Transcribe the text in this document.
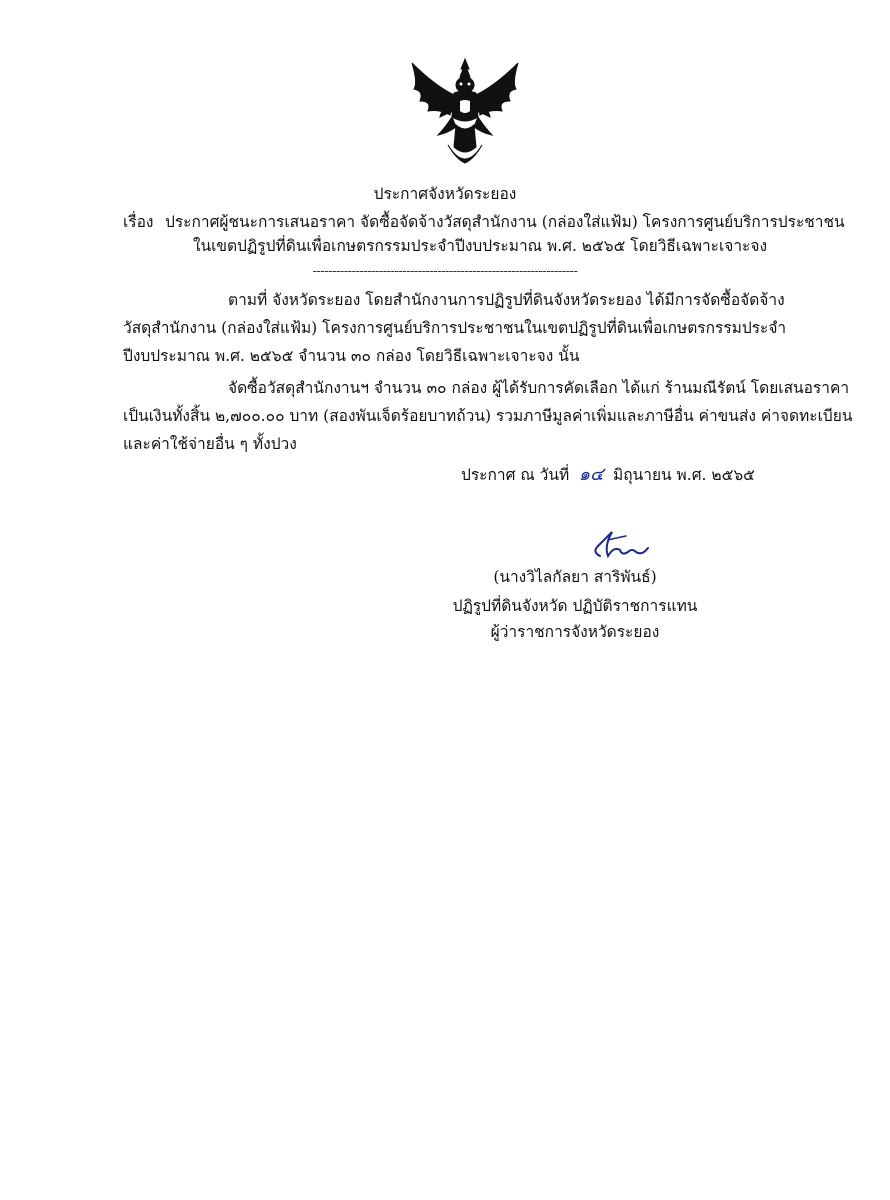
ประกาศจังหวัดระยอง
เรื่อง ประกาศผู้ชนะการเสนอราคา จัดซื้อจัดจ้างวัสดุสำนักงาน (กล่องใส่แฟ้ม) โครงการศูนย์บริการประชาชน
ในเขตปฏิรูปที่ดินเพื่อเกษตรกรรมประจำปีงบประมาณ พ.ศ. ๒๕๖๕ โดยวิธีเฉพาะเจาะจง
--------------------------------------------------------------------
ตามที่ จังหวัดระยอง โดยสำนักงานการปฏิรูปที่ดินจังหวัดระยอง ได้มีการจัดซื้อจัดจ้าง
วัสดุสำนักงาน (กล่องใส่แฟ้ม) โครงการศูนย์บริการประชาชนในเขตปฏิรูปที่ดินเพื่อเกษตรกรรมประจำ
ปีงบประมาณ พ.ศ. ๒๕๖๕ จำนวน ๓๐ กล่อง โดยวิธีเฉพาะเจาะจง นั้น
จัดซื้อวัสดุสำนักงานฯ จำนวน ๓๐ กล่อง ผู้ได้รับการคัดเลือก ได้แก่ ร้านมณีรัตน์ โดยเสนอราคา
เป็นเงินทั้งสิ้น ๒,๗๐๐.๐๐ บาท (สองพันเจ็ดร้อยบาทถ้วน) รวมภาษีมูลค่าเพิ่มและภาษีอื่น ค่าขนส่ง ค่าจดทะเบียน
และค่าใช้จ่ายอื่น ๆ ทั้งปวง
ประกาศ ณ วันที่ ๑๔ มิถุนายน พ.ศ. ๒๕๖๕
(นางวิไลกัลยา สาริพันธ์)
ปฏิรูปที่ดินจังหวัด ปฏิบัติราชการแทน
ผู้ว่าราชการจังหวัดระยอง
